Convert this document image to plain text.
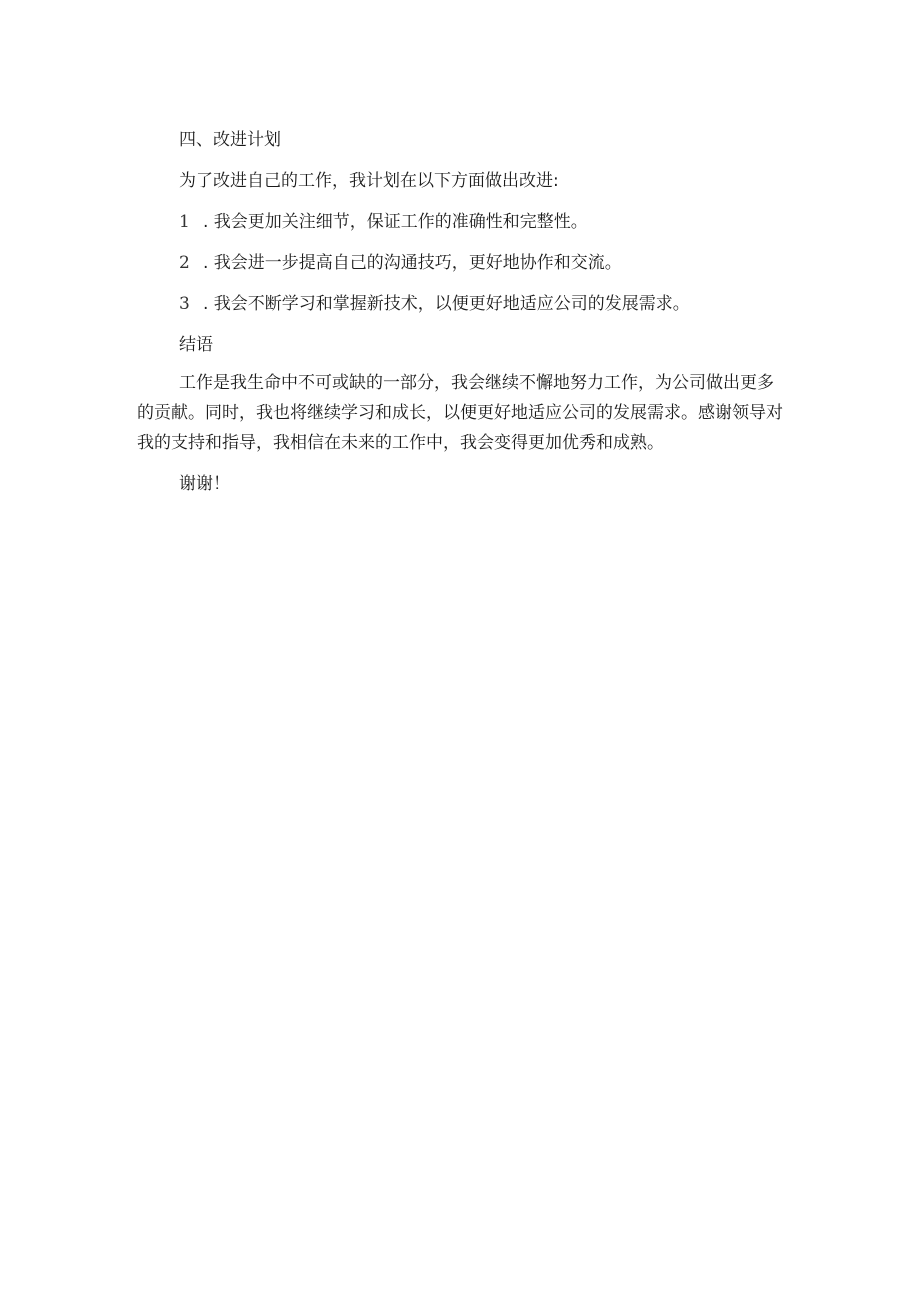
四、改进计划
为了改进自己的工作，我计划在以下方面做出改进:
1 . 我会更加关注细节，保证工作的准确性和完整性。
2 . 我会进一步提高自己的沟通技巧，更好地协作和交流。
3 . 我会不断学习和掌握新技术，以便更好地适应公司的发展需求。
结语
工作是我生命中不可或缺的一部分，我会继续不懈地努力工作，为公司做出更多
的贡献。同时，我也将继续学习和成长，以便更好地适应公司的发展需求。感谢领导对
我的支持和指导，我相信在未来的工作中，我会变得更加优秀和成熟。
谢谢！
